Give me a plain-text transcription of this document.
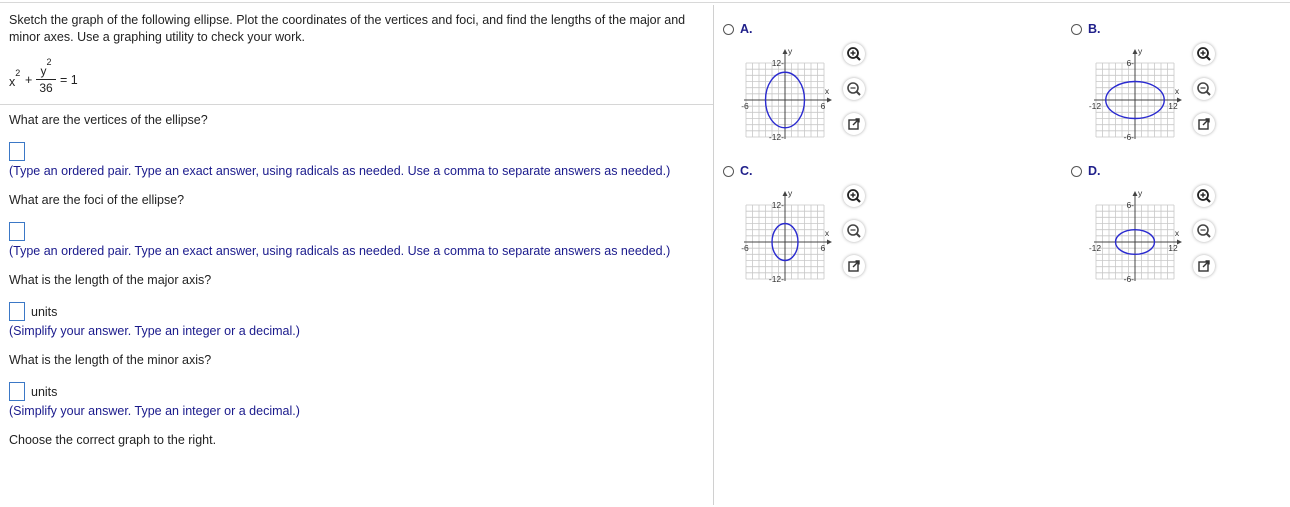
Sketch the graph of the following ellipse. Plot the coordinates of the vertices and foci, and find the lengths of the major and minor axes. Use a graphing utility to check your work.
$x^2$ +
$y^2$
36
= 1
What are the vertices of the ellipse?
(Type an ordered pair. Type an exact answer, using radicals as needed. Use a comma to separate answers as needed.)
What are the foci of the ellipse?
(Type an ordered pair. Type an exact answer, using radicals as needed. Use a comma to separate answers as needed.)
What is the length of the major axis?
units
(Simplify your answer. Type an integer or a decimal.)
What is the length of the minor axis?
units
(Simplify your answer. Type an integer or a decimal.)
Choose the correct graph to the right.
A.
y
x
12-
-12-
-6	6
B.
y
x
6-
-6-
-12	12
C.
y
x
12-
-12-
-6	6
D.
y
x
6-
-6-
-12	12
